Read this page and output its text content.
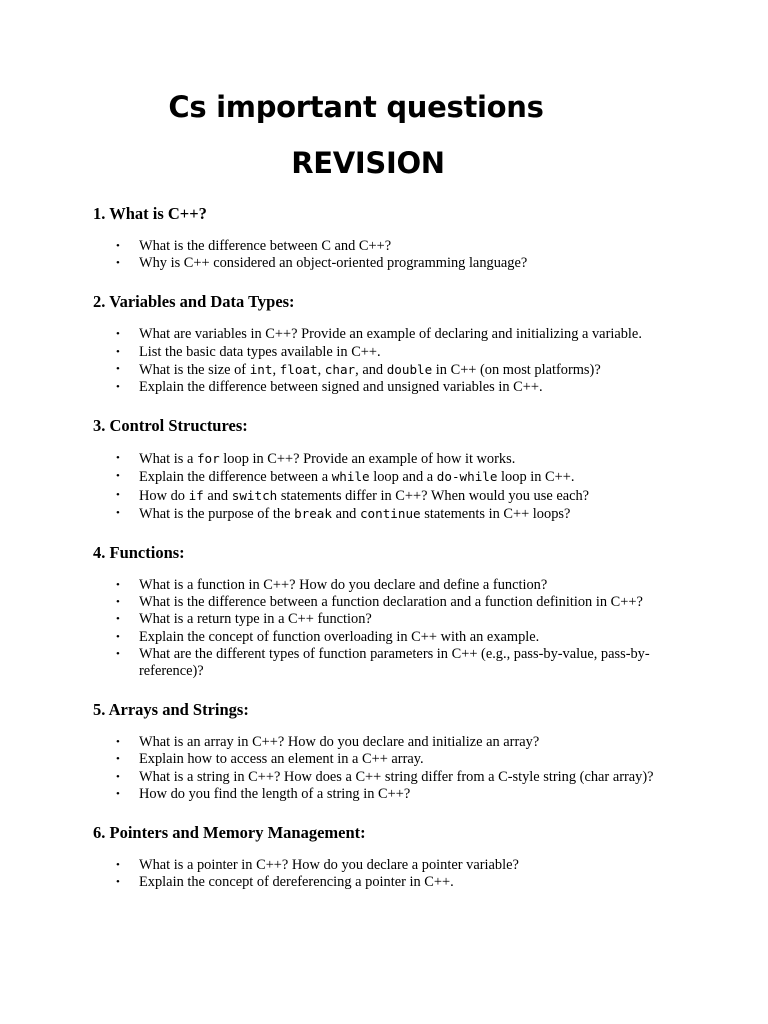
Cs important questions
REVISION
1. What is C++?
• What is the difference between C and C++?
• Why is C++ considered an object-oriented programming language?
2. Variables and Data Types:
• What are variables in C++? Provide an example of declaring and initializing a variable.
• List the basic data types available in C++.
• What is the size of int, float, char, and double in C++ (on most platforms)?
• Explain the difference between signed and unsigned variables in C++.
3. Control Structures:
• What is a for loop in C++? Provide an example of how it works.
• Explain the difference between a while loop and a do-while loop in C++.
• How do if and switch statements differ in C++? When would you use each?
• What is the purpose of the break and continue statements in C++ loops?
4. Functions:
• What is a function in C++? How do you declare and define a function?
• What is the difference between a function declaration and a function definition in C++?
• What is a return type in a C++ function?
• Explain the concept of function overloading in C++ with an example.
• What are the different types of function parameters in C++ (e.g., pass-by-value, pass-by-reference)?
5. Arrays and Strings:
• What is an array in C++? How do you declare and initialize an array?
• Explain how to access an element in a C++ array.
• What is a string in C++? How does a C++ string differ from a C-style string (char array)?
• How do you find the length of a string in C++?
6. Pointers and Memory Management:
• What is a pointer in C++? How do you declare a pointer variable?
• Explain the concept of dereferencing a pointer in C++.
